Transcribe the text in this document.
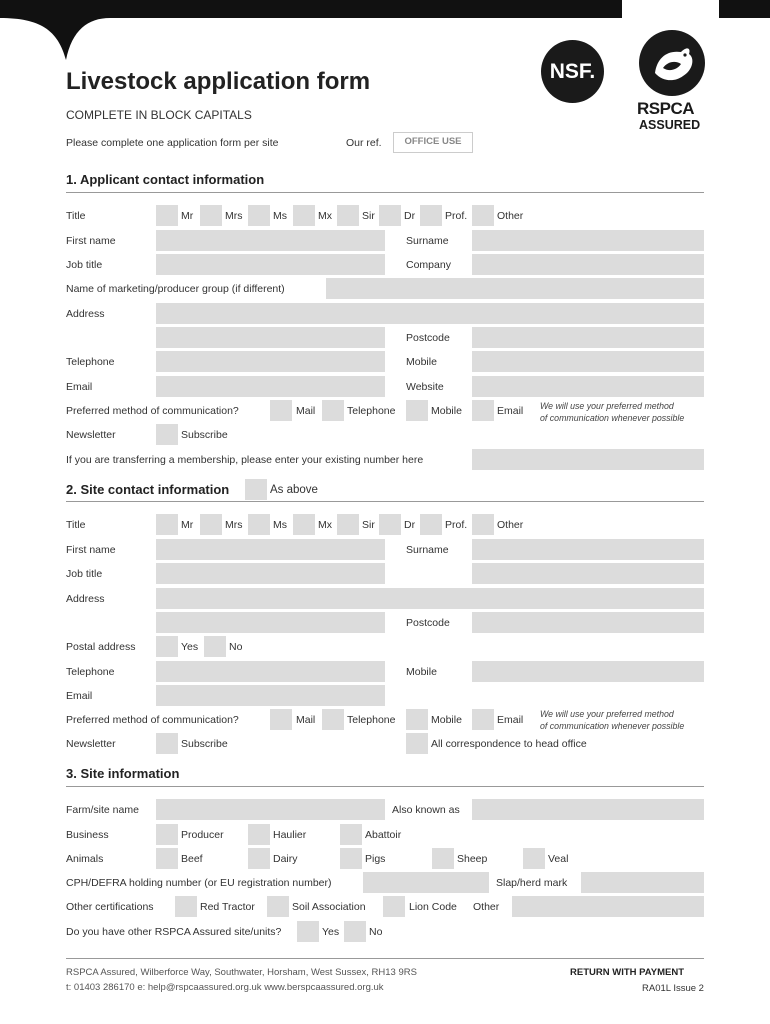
Livestock application form
COMPLETE IN BLOCK CAPITALS
Please complete one application form per site	Our ref.	OFFICE USE
NSF.
RSPCA
ASSURED
1. Applicant contact information
Title	Mr	Mrs	Ms	Mx	Sir	Dr	Prof.	Other
First name	Surname
Job title	Company
Name of marketing/producer group (if different)
Address
Postcode
Telephone	Mobile
Email	Website
Preferred method of communication?	Mail	Telephone	Mobile	Email We will use your preferred method
of communication whenever possible
Newsletter	Subscribe
If you are transferring a membership, please enter your existing number here
2. Site contact information	As above
Title	Mr	Mrs	Ms	Mx	Sir	Dr	Prof.	Other
First name	Surname
Job title
Address
Postcode
Postal address	Yes	No
Telephone	Mobile
Email
Preferred method of communication?	Mail	Telephone	Mobile	Email We will use your preferred method
of communication whenever possible
Newsletter	Subscribe	All correspondence to head office
3. Site information
Farm/site name	Also known as
Business	Producer	Haulier	Abattoir
Animals	Beef	Dairy	Pigs	Sheep	Veal
CPH/DEFRA holding number (or EU registration number)	Slap/herd mark
Other certifications	Red Tractor	Soil Association	Lion Code Other
Do you have other RSPCA Assured site/units?	Yes	No
RSPCA Assured, Wilberforce Way, Southwater, Horsham, West Sussex, RH13 9RS
t: 01403 286170 e: help@rspcaassured.org.uk www.berspcaassured.org.uk
RETURN WITH PAYMENT
RA01L Issue 2
